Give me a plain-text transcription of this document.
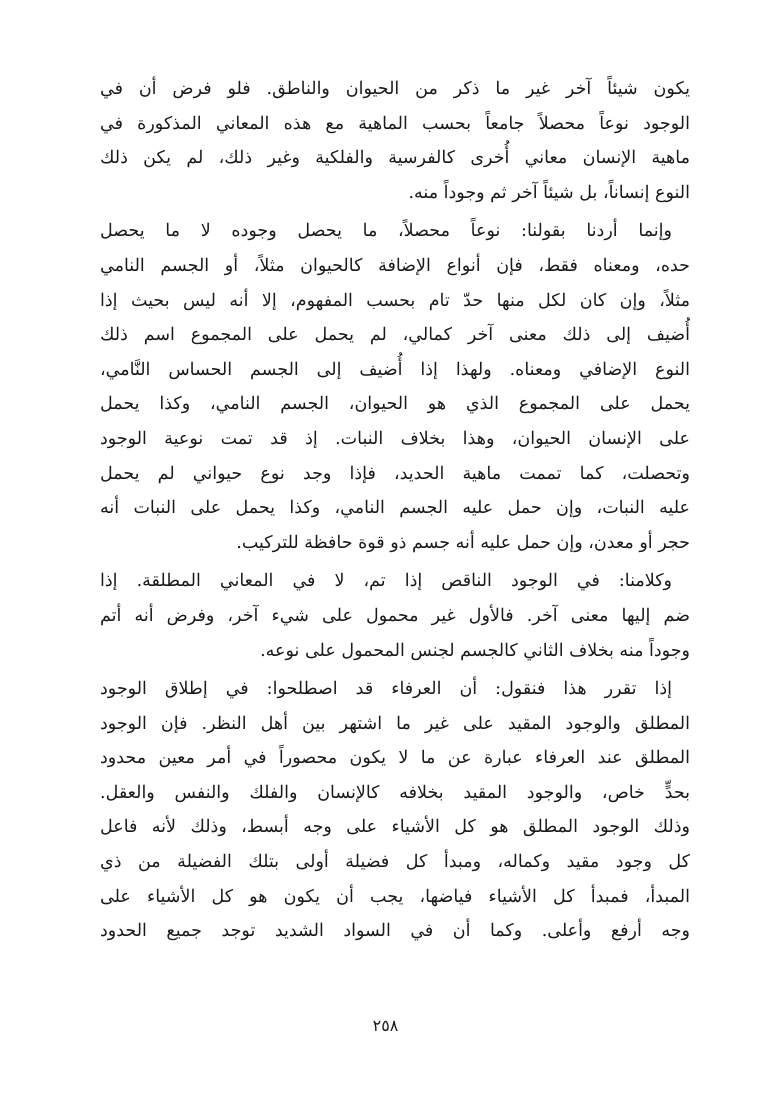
يكون شيئاً آخر غير ما ذكر من الحيوان والناطق. فلو فرض أن في
الوجود نوعاً محصلاً جامعاً بحسب الماهية مع هذه المعاني المذكورة في
ماهية الإنسان معاني أُخرى كالفرسية والفلكية وغير ذلك، لم يكن ذلك
النوع إنساناً، بل شيئاً آخر ثم وجوداً منه.
وإنما أردنا بقولنا: نوعاً محصلاً، ما يحصل وجوده لا ما يحصل
حده، ومعناه فقط، فإن أنواع الإضافة كالحيوان مثلاً، أو الجسم النامي
مثلاً، وإن كان لكل منها حدّ تام بحسب المفهوم، إلا أنه ليس بحيث إذا
أُضيف إلى ذلك معنى آخر كمالي، لم يحمل على المجموع اسم ذلك
النوع الإضافي ومعناه. ولهذا إذا أُضيف إلى الجسم الحساس النَّامي،
يحمل على المجموع الذي هو الحيوان، الجسم النامي، وكذا يحمل
على الإنسان الحيوان، وهذا بخلاف النبات. إذ قد تمت نوعية الوجود
وتحصلت، كما تممت ماهية الحديد، فإذا وجد نوع حيواني لم يحمل
عليه النبات، وإن حمل عليه الجسم النامي، وكذا يحمل على النبات أنه
حجر أو معدن، وإن حمل عليه أنه جسم ذو قوة حافظة للتركيب.
وكلامنا: في الوجود الناقص إذا تم، لا في المعاني المطلقة. إذا
ضم إليها معنى آخر. فالأول غير محمول على شيء آخر، وفرض أنه أتم
وجوداً منه بخلاف الثاني كالجسم لجنس المحمول على نوعه.
إذا تقرر هذا فنقول: أن العرفاء قد اصطلحوا: في إطلاق الوجود
المطلق والوجود المقيد على غير ما اشتهر بين أهل النظر. فإن الوجود
المطلق عند العرفاء عبارة عن ما لا يكون محصوراً في أمر معين محدود
بحدٍّ خاص، والوجود المقيد بخلافه كالإنسان والفلك والنفس والعقل.
وذلك الوجود المطلق هو كل الأشياء على وجه أبسط، وذلك لأنه فاعل
كل وجود مقيد وكماله، ومبدأ كل فضيلة أولى بتلك الفضيلة من ذي
المبدأ، فمبدأ كل الأشياء فياضها، يجب أن يكون هو كل الأشياء على
وجه أرفع وأعلى. وكما أن في السواد الشديد توجد جميع الحدود
٢٥٨
